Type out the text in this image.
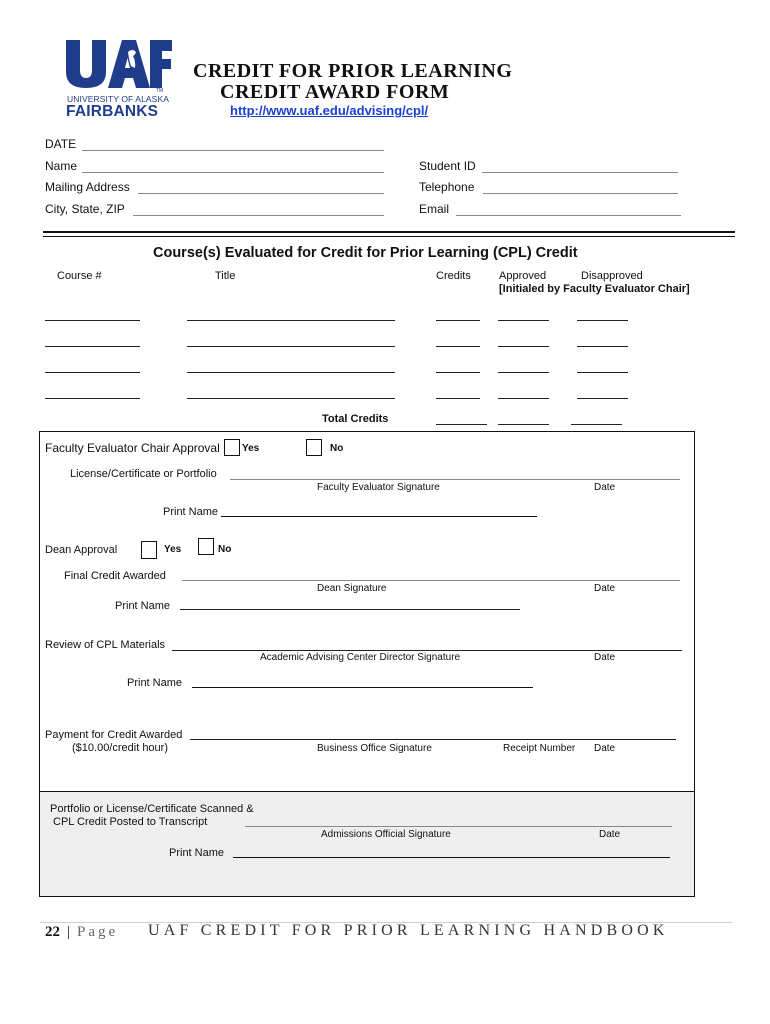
TM
UNIVERSITY OF ALASKA
FAIRBANKS
CREDIT FOR PRIOR LEARNING
CREDIT AWARD FORM
http://www.uaf.edu/advising/cpl/
DATE
Name
Mailing Address
City, State, ZIP
Student ID
Telephone
Email
Course(s) Evaluated for Credit for Prior Learning (CPL) Credit
Course #	Title	Credits	Approved	Disapproved
[Initialed by Faculty Evaluator Chair]
Total Credits
Faculty Evaluator Chair Approval Yes	No
License/Certificate or Portfolio
Faculty Evaluator Signature	Date
Print Name
Dean Approval	Yes	No
Final Credit Awarded
Dean Signature	Date
Print Name
Review of CPL Materials
Academic Advising Center Director Signature	Date
Print Name
Payment for Credit Awarded
($10.00/credit hour)	Business Office Signature	Receipt Number Date
Portfolio or License/Certificate Scanned &
CPL Credit Posted to Transcript
Admissions Official Signature	Date
Print Name
22 | Page UAF CREDIT FOR PRIOR LEARNING HANDBOOK
